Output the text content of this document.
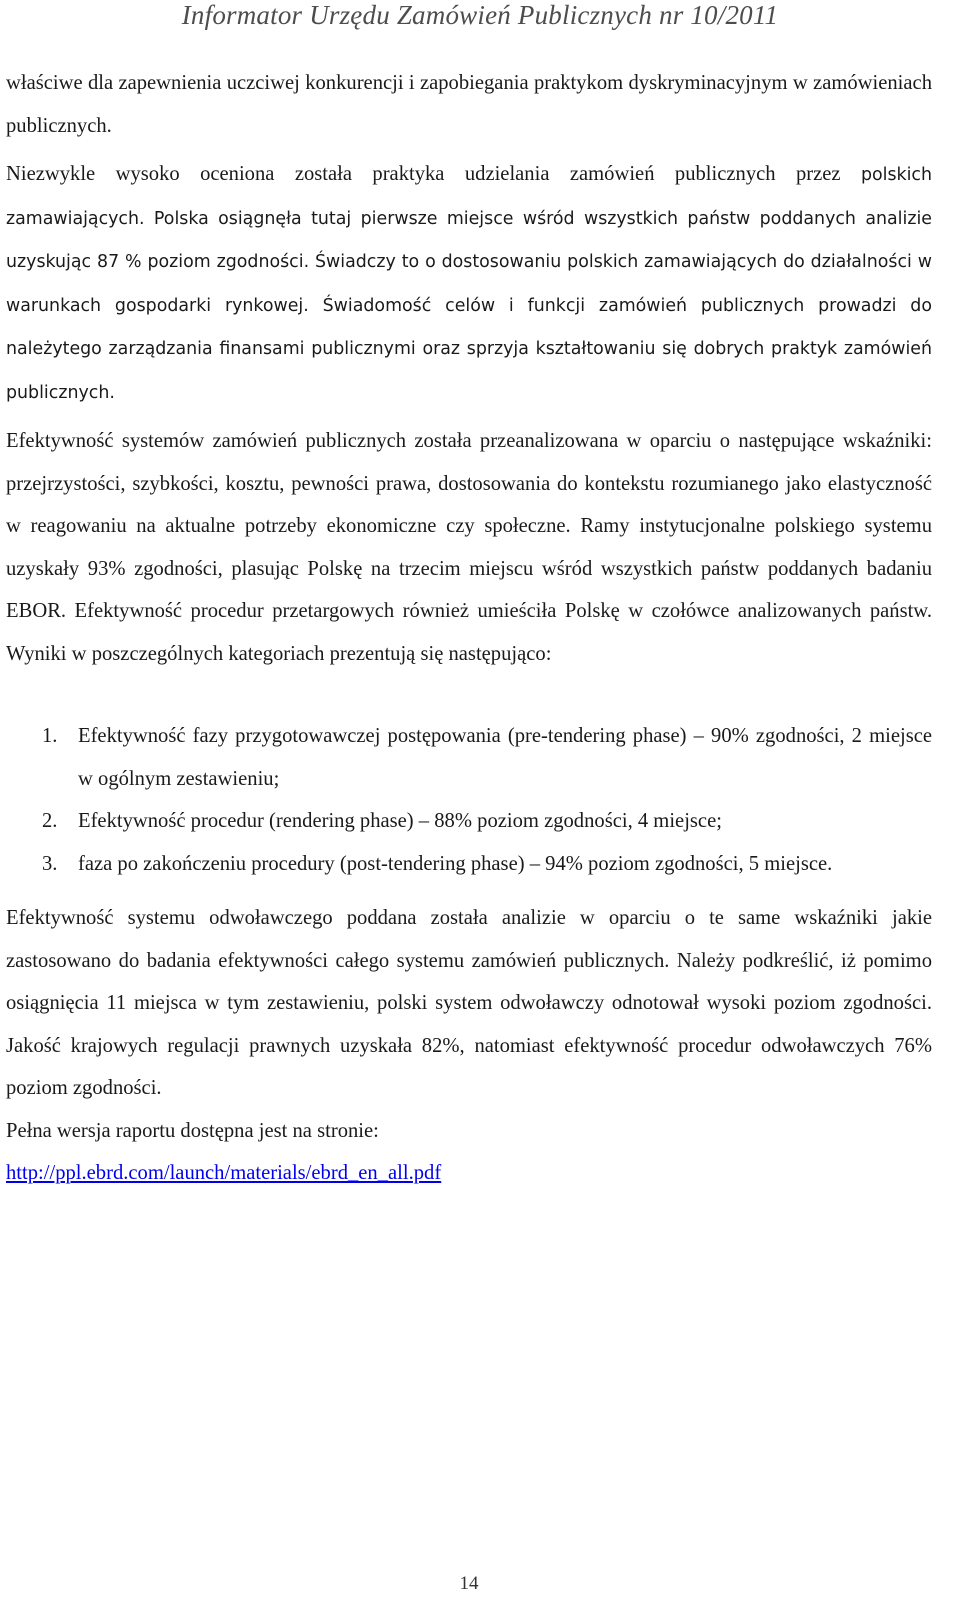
Informator Urzędu Zamówień Publicznych nr 10/2011

właściwe dla zapewnienia uczciwej konkurencji i zapobiegania praktykom dyskryminacyjnym w zamówieniach publicznych.

Niezwykle wysoko oceniona została praktyka udzielania zamówień publicznych przez polskich zamawiających. Polska osiągnęła tutaj pierwsze miejsce wśród wszystkich państw poddanych analizie uzyskując 87 % poziom zgodności. Świadczy to o dostosowaniu polskich zamawiających do działalności w warunkach gospodarki rynkowej. Świadomość celów i funkcji zamówień publicznych prowadzi do należytego zarządzania finansami publicznymi oraz sprzyja kształtowaniu się dobrych praktyk zamówień publicznych.

Efektywność systemów zamówień publicznych została przeanalizowana w oparciu o następujące wskaźniki: przejrzystości, szybkości, kosztu, pewności prawa, dostosowania do kontekstu rozumianego jako elastyczność w reagowaniu na aktualne potrzeby ekonomiczne czy społeczne. Ramy instytucjonalne polskiego systemu uzyskały 93% zgodności, plasując Polskę na trzecim miejscu wśród wszystkich państw poddanych badaniu EBOR. Efektywność procedur przetargowych również umieściła Polskę w czołówce analizowanych państw. Wyniki w poszczególnych kategoriach prezentują się następująco:

1. Efektywność fazy przygotowawczej postępowania (pre-tendering phase) – 90% zgodności, 2 miejsce w ogólnym zestawieniu;
2. Efektywność procedur (rendering phase) – 88% poziom zgodności, 4 miejsce;
3. faza po zakończeniu procedury (post-tendering phase) – 94% poziom zgodności, 5 miejsce.

Efektywność systemu odwoławczego poddana została analizie w oparciu o te same wskaźniki jakie zastosowano do badania efektywności całego systemu zamówień publicznych. Należy podkreślić, iż pomimo osiągnięcia 11 miejsca w tym zestawieniu, polski system odwoławczy odnotował wysoki poziom zgodności. Jakość krajowych regulacji prawnych uzyskała 82%, natomiast efektywność procedur odwoławczych 76% poziom zgodności.

Pełna wersja raportu dostępna jest na stronie:

http://ppl.ebrd.com/launch/materials/ebrd_en_all.pdf

14
